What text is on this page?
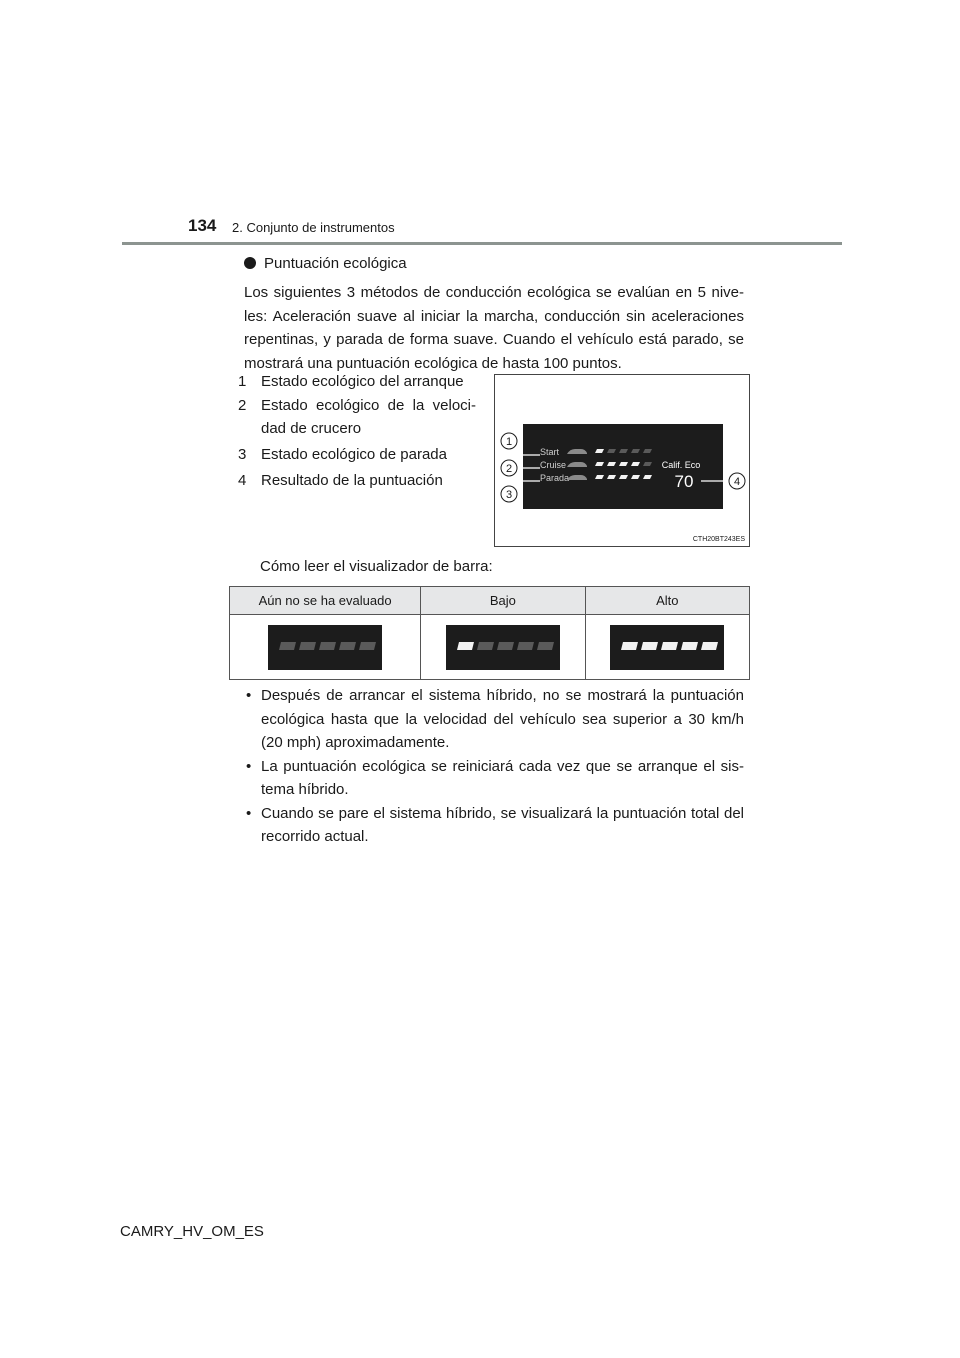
134 2. Conjunto de instrumentos
Puntuación ecológica
Los siguientes 3 métodos de conducción ecológica se evalúan en 5 nive-les: Aceleración suave al iniciar la marcha, conducción sin aceleraciones repentinas, y parada de forma suave. Cuando el vehículo está parado, se mostrará una puntuación ecológica de hasta 100 puntos.
1 Estado ecológico del arranque
2 Estado ecológico de la veloci-dad de crucero
3 Estado ecológico de parada
4 Resultado de la puntuación
Start
Cruise
Parada
Calif. Eco
70
1
2
3
4
CTH20BT243ES
Cómo leer el visualizador de barra:
Aún no se ha evaluado	Bajo	Alto

• Después de arrancar el sistema híbrido, no se mostrará la puntuación ecológica hasta que la velocidad del vehículo sea superior a 30 km/h (20 mph) aproximadamente.
• La puntuación ecológica se reiniciará cada vez que se arranque el sis-tema híbrido.
• Cuando se pare el sistema híbrido, se visualizará la puntuación total del recorrido actual.
CAMRY_HV_OM_ES
